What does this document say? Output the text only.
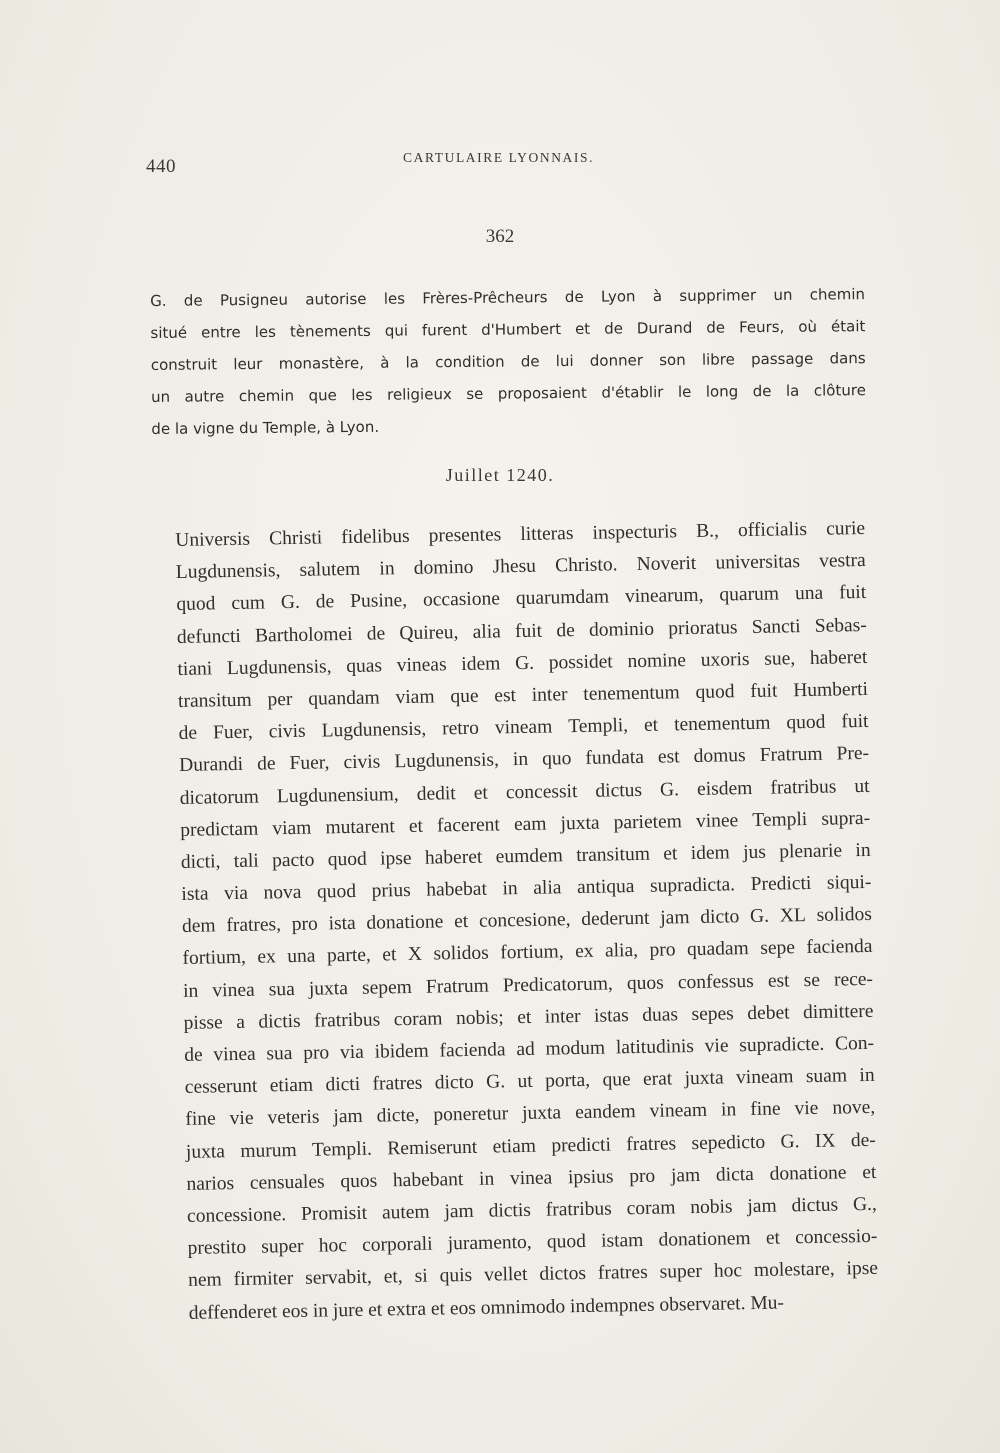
440	CARTULAIRE LYONNAIS.
362
G. de Pusigneu autorise les Frères-Prêcheurs de Lyon à supprimer un chemin
situé entre les tènements qui furent d'Humbert et de Durand de Feurs, où était
construit leur monastère, à la condition de lui donner son libre passage dans
un autre chemin que les religieux se proposaient d'établir le long de la clôture
de la vigne du Temple, à Lyon.
Juillet 1240.
Universis Christi fidelibus presentes litteras inspecturis B., officialis curie
Lugdunensis, salutem in domino Jhesu Christo. Noverit universitas vestra
quod cum G. de Pusine, occasione quarumdam vinearum, quarum una fuit
defuncti Bartholomei de Quireu, alia fuit de dominio prioratus Sancti Sebas-
tiani Lugdunensis, quas vineas idem G. possidet nomine uxoris sue, haberet
transitum per quandam viam que est inter tenementum quod fuit Humberti
de Fuer, civis Lugdunensis, retro vineam Templi, et tenementum quod fuit
Durandi de Fuer, civis Lugdunensis, in quo fundata est domus Fratrum Pre-
dicatorum Lugdunensium, dedit et concessit dictus G. eisdem fratribus ut
predictam viam mutarent et facerent eam juxta parietem vinee Templi supra-
dicti, tali pacto quod ipse haberet eumdem transitum et idem jus plenarie in
ista via nova quod prius habebat in alia antiqua supradicta. Predicti siqui-
dem fratres, pro ista donatione et concesione, dederunt jam dicto G. XL solidos
fortium, ex una parte, et X solidos fortium, ex alia, pro quadam sepe facienda
in vinea sua juxta sepem Fratrum Predicatorum, quos confessus est se rece-
pisse a dictis fratribus coram nobis; et inter istas duas sepes debet dimittere
de vinea sua pro via ibidem facienda ad modum latitudinis vie supradicte. Con-
cesserunt etiam dicti fratres dicto G. ut porta, que erat juxta vineam suam in
fine vie veteris jam dicte, poneretur juxta eandem vineam in fine vie nove,
juxta murum Templi. Remiserunt etiam predicti fratres sepedicto G. IX de-
narios censuales quos habebant in vinea ipsius pro jam dicta donatione et
concessione. Promisit autem jam dictis fratribus coram nobis jam dictus G.,
prestito super hoc corporali juramento, quod istam donationem et concessio-
nem firmiter servabit, et, si quis vellet dictos fratres super hoc molestare, ipse
deffenderet eos in jure et extra et eos omnimodo indempnes observaret. Mu-
